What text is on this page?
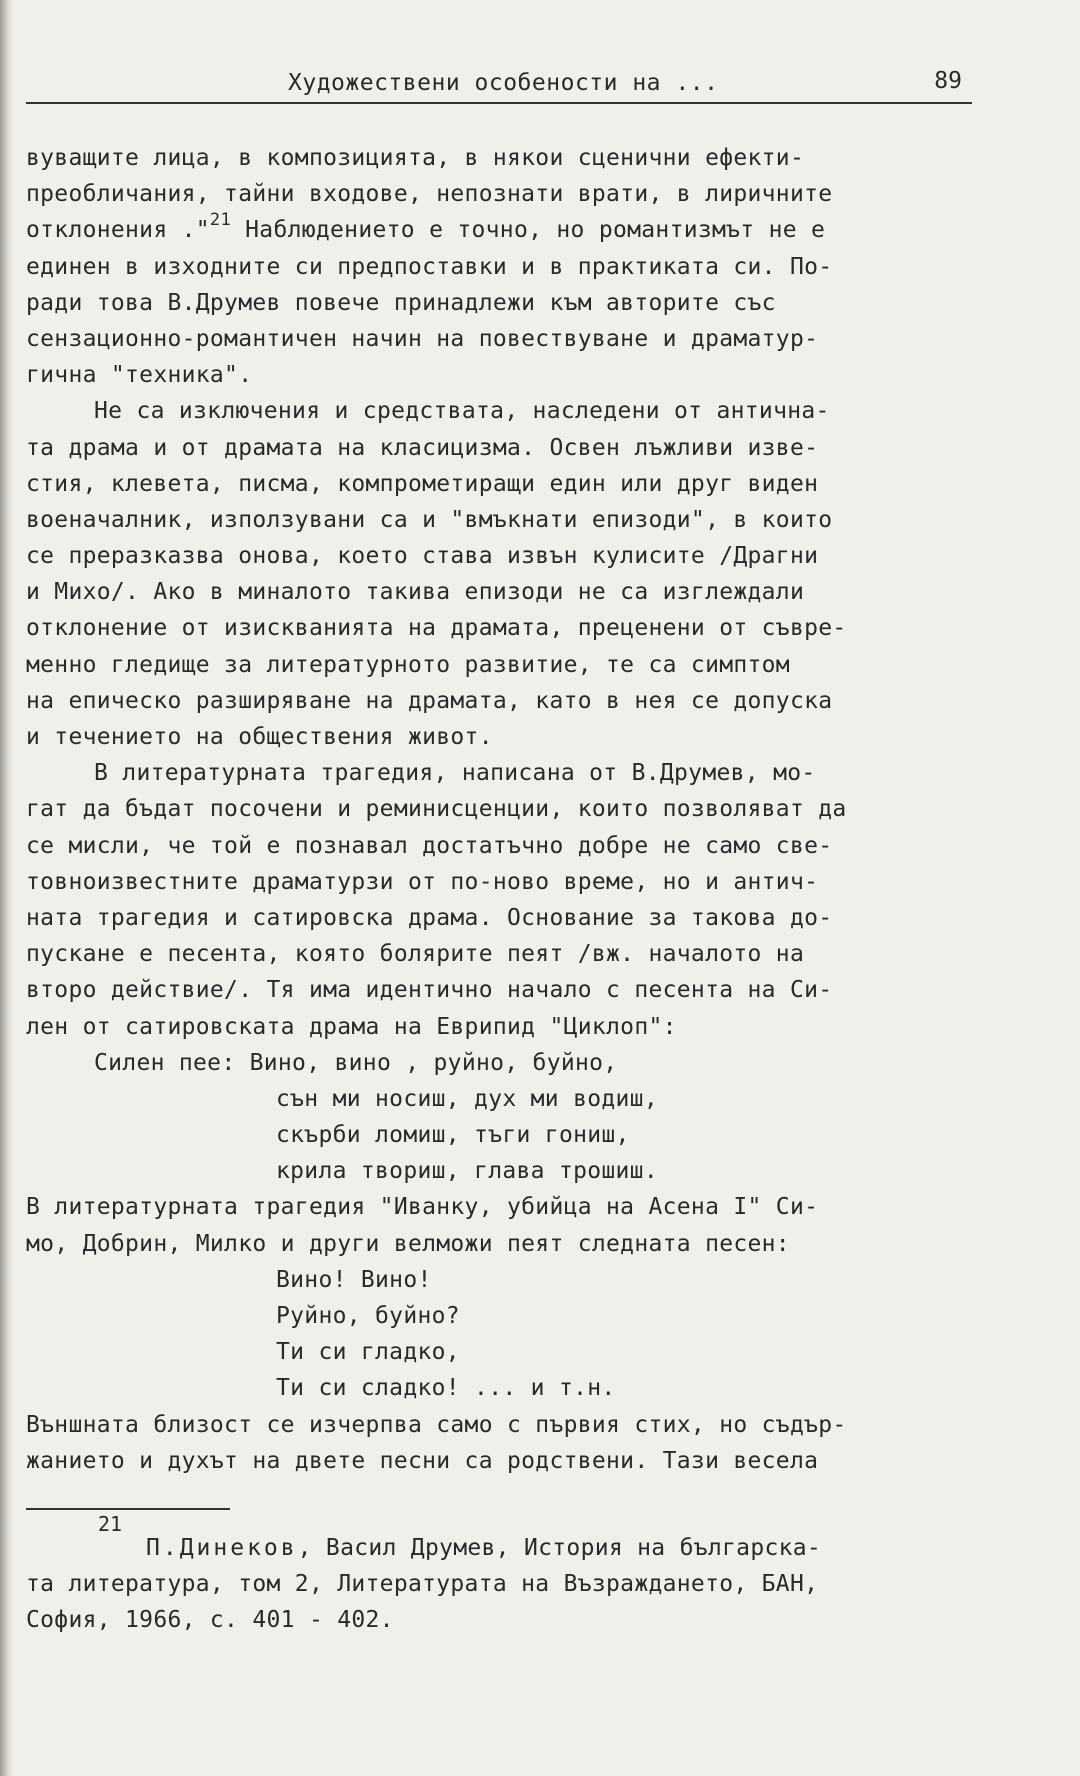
Художествени особености на ...	89
вуващите лица, в композицията, в някои сценични ефекти-
преобличания, тайни входове, непознати врати, в лиричните
отклонения ."$^{21}$ Наблюдението е точно, но романтизмът не е
единен в изходните си предпоставки и в практиката си. По-
ради това В.Друмев повече принадлежи към авторите със
сензационно-романтичен начин на повествуване и драматур-
гична "техника".
Не са изключения и средствата, наследени от антична-
та драма и от драмата на класицизма. Освен лъжливи изве-
стия, клевета, писма, компрометиращи един или друг виден
военачалник, използувани са и "вмъкнати епизоди", в които
се преразказва онова, което става извън кулисите /Драгни
и Михо/. Ако в миналото такива епизоди не са изглеждали
отклонение от изискванията на драмата, преценени от съвре-
менно гледище за литературното развитие, те са симптом
на епическо разширяване на драмата, като в нея се допуска
и течението на обществения живот.
В литературната трагедия, написана от В.Друмев, мо-
гат да бъдат посочени и реминисценции, които позволяват да
се мисли, че той е познавал достатъчно добре не само све-
товноизвестните драматурзи от по-ново време, но и антич-
ната трагедия и сатировска драма. Основание за такова до-
пускане е песента, която болярите пеят /вж. началото на
второ действие/. Тя има идентично начало с песента на Си-
лен от сатировската драма на Еврипид "Циклоп":
Силен пее: Вино, вино , руйно, буйно,
сън ми носиш, дух ми водиш,
скърби ломиш, тъги гониш,
крила твориш, глава трошиш.
В литературната трагедия "Иванку, убийца на Асена I" Си-
мо, Добрин, Милко и други велможи пеят следната песен:
Вино! Вино!
Руйно, буйно?
Ти си гладко,
Ти си сладко! ... и т.н.
Външната близост се изчерпва само с първия стих, но съдър-
жанието и духът на двете песни са родствени. Тази весела
21
П.Динеков, Васил Друмев, История на българска-
та литература, том 2, Литературата на Възраждането, БАН,
София, 1966, с. 401 - 402.
